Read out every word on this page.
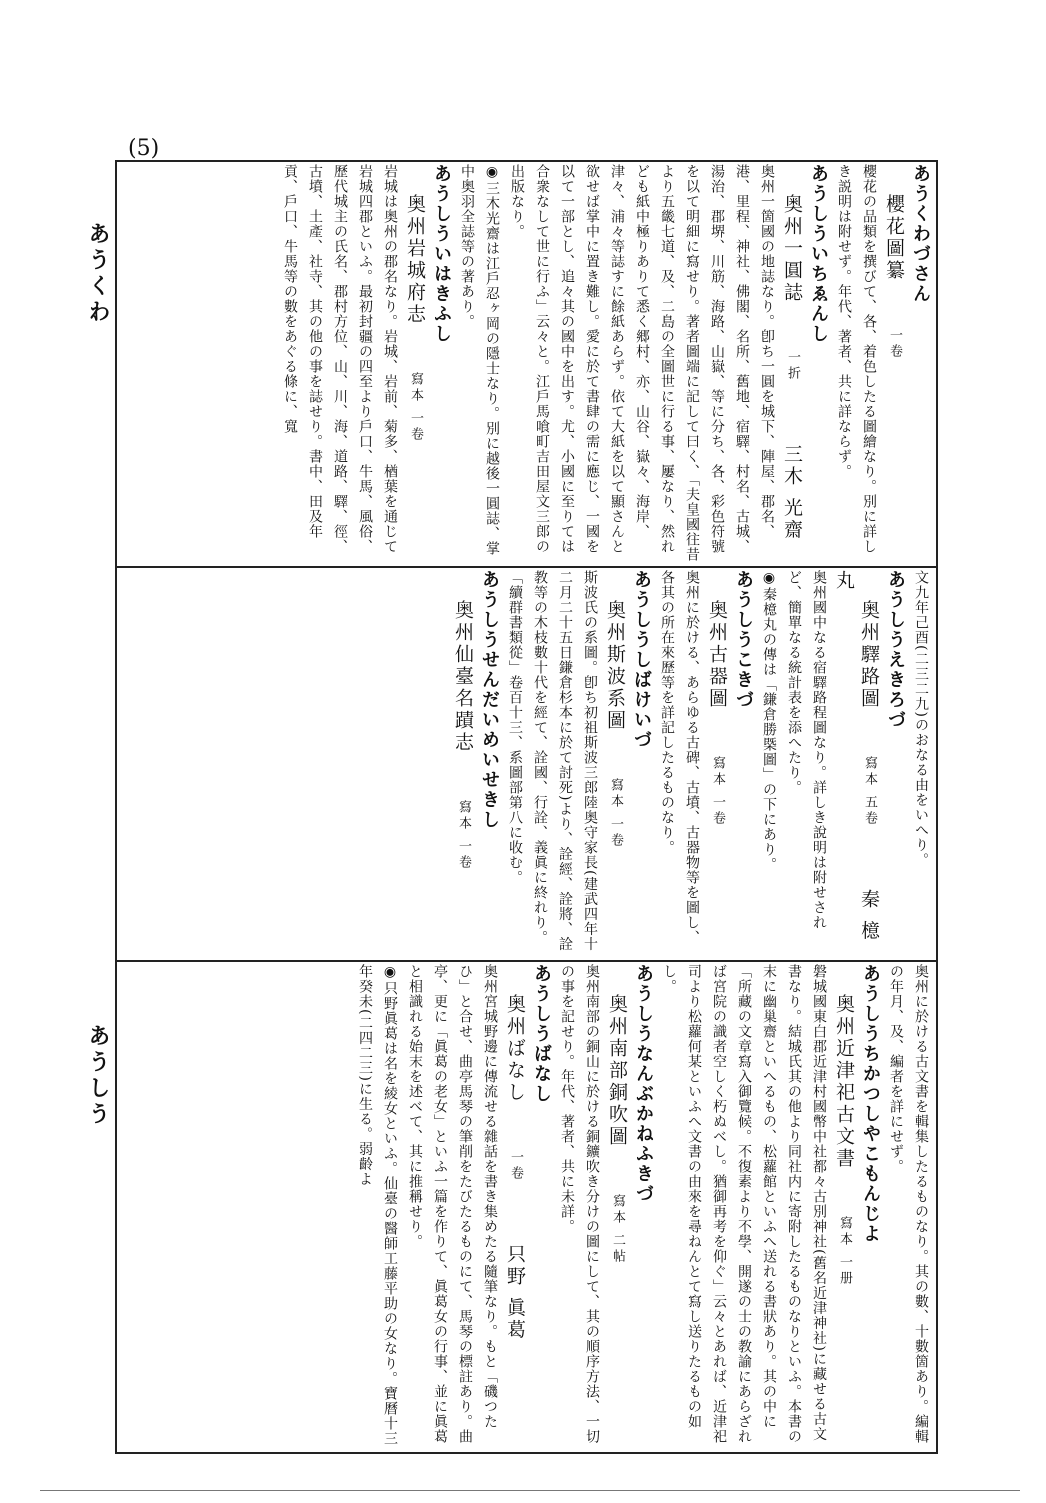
(5)
あうくわ
あうしう
あうくわづさん
櫻花圖纂　一卷
櫻花の品類を撰びて、各、着色したる圖繪なり。別に詳しき説明は附せず。年代、著者、共に詳ならず。
あうしういちゑんし
奥州一圓誌　一折　三木 光齋
奥州一箇國の地誌なり。卽ち一圓を城下、陣屋、郡名、港、里程、神社、佛閣、名所、舊地、宿驛、村名、古城、湯治、郡堺、川筋、海路、山嶽、等に分ち、各、彩色符號を以て明細に寫せり。著者圖端に記して曰く、「夫皇國往昔より五畿七道、及、二島の全圖世に行る事、屢なり、然れども紙中極りありて悉く郷村、亦、山谷、嶽々、海岸、津々、浦々等誌すに餘紙あらず。依て大紙を以て顯さんと欲せば掌中に置き難し。愛に於て書肆の需に應じ、一國を以て一部とし、追々其の國中を出す。尤、小國に至りては合衆なして世に行ふ」云々と。江戶馬喰町吉田屋文三郎の出版なり。
◉三木光齋は江戶忍ヶ岡の隱士なり。別に越後一圓誌、掌中奥羽全誌等の著あり。
あうしういはきふし
奥州岩城府志　寫本 一卷
岩城は奥州の郡名なり。岩城、岩前、菊多、楢葉を通じて岩城四郡といふ。最初封疆の四至より戶口、牛馬、風俗、歷代城主の氏名、郡村方位、山、川、海、道路、驛、徑、古墳、土產、社寺、其の他の事を誌せり。書中、田及年貢、戶口、牛馬等の數をあぐる條に、寬
文九年己酉(二三二九)のおなる由をいへり。
あうしうえきろづ
奥州驛路圖　寫本 五卷　秦 檍丸
奥州國中なる宿驛路程圖なり。詳しき說明は附せされど、簡單なる統計表を添へたり。
◉秦檍丸の傳は「鎌倉勝槩圖」の下にあり。
あうしうこきづ
奥州古器圖　寫本 一卷
奥州に於ける、あらゆる古碑、古墳、古器物等を圖し、各其の所在來歷等を詳記したるものなり。
あうしうしばけいづ
奥州斯波系圖　寫本 一卷
斯波氏の系圖。卽ち初祖斯波三郎陸奥守家長(建武四年十二月二十五日鎌倉杉本に於て討死)より、詮經、詮將、詮教等の木枝數十代を經て、詮國、行詮、義眞に終れり。「續群書類從」卷百十三、系圖部第八に收む。
あうしうせんだいめいせきし
奥州仙臺名蹟志　寫本 一卷
奥州に於ける古文書を輯集したるものなり。其の數、十數箇あり。編輯の年月、及、編者を詳にせず。
あうしうちかつしやこもんじよ
奥州近津祀古文書　寫本 一册
磐城國東白郡近津村國幣中社都々古別神社(舊名近津神社)に藏せる古文書なり。結城氏其の他より同社内に寄附したるものなりといふ。本書の末に幽巢齋といへるもの、松蘿館といふへ送れる書狀あり。其の中に「所藏の文章寫入御覽候。不復素より不學、開遂の士の教諭にあらざれば宮院の識者空しく朽ぬべし。猶御再考を仰ぐ」云々とあれば、近津祀司より松蘿何某といふへ文書の由來を尋ねんとて寫し送りたるもの如し。
あうしうなんぶかねふきづ
奥州南部銅吹圖　寫本 二帖
奥州南部の銅山に於ける銅鑛吹き分けの圖にして、其の順序方法、一切の事を記せり。年代、著者、共に未詳。
あうしうばなし
奥州ばなし　一卷　只野 眞葛
奥州宮城野邊に傳流せる雜話を書き集めたる隨筆なり。もと「磯つたひ」と合せ、曲亭馬琴の筆削をたびたるものにて、馬琴の標註あり。曲亭、更に「眞葛の老女」といふ一篇を作りて、眞葛女の行事、並に眞葛と相識れる始末を述べて、其に推稱せり。
◉只野眞葛は名を綾女といふ。仙臺の醫師工藤平助の女なり。寶曆十三年癸未(二四二三)に生る。弱齡よ
